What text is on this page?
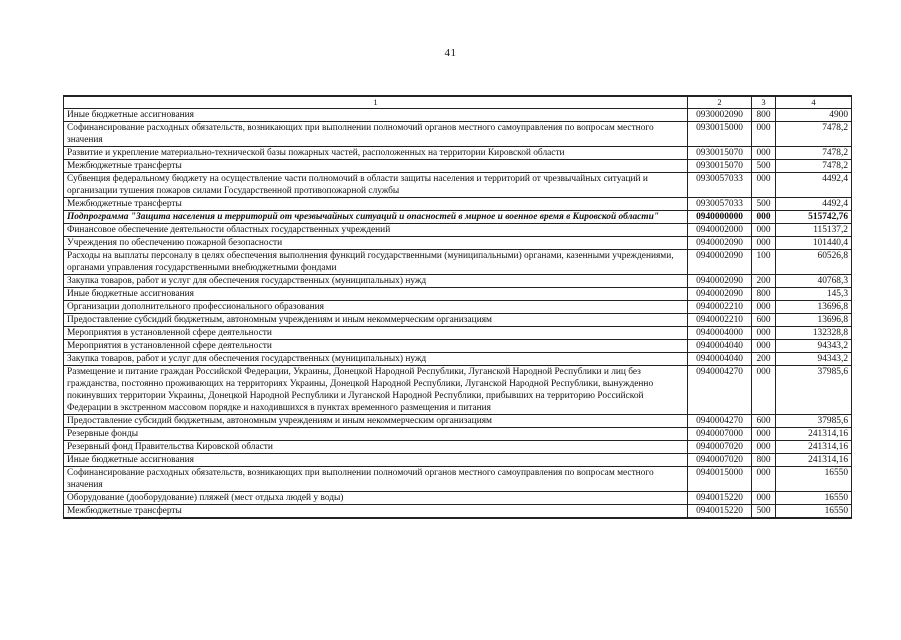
41
1	2	3	4
Иные бюджетные ассигнования	0930002090	800	4900
Софинансирование расходных обязательств, возникающих при выполнении полномочий органов местного самоуправления по вопросам местного значения	0930015000	000	7478,2
Развитие и укрепление материально-технической базы пожарных частей, расположенных на территории Кировской области	0930015070	000	7478,2
Межбюджетные трансферты	0930015070	500	7478,2
Субвенция федеральному бюджету на осуществление части полномочий в области защиты населения и территорий от чрезвычайных ситуаций и организации тушения пожаров силами Государственной противопожарной службы	0930057033	000	4492,4
Межбюджетные трансферты	0930057033	500	4492,4
Подпрограмма "Защита населения и территорий от чрезвычайных ситуаций и опасностей в мирное и военное время в Кировской области"	0940000000	000	515742,76
Финансовое обеспечение деятельности областных государственных учреждений	0940002000	000	115137,2
Учреждения по обеспечению пожарной безопасности	0940002090	000	101440,4
Расходы на выплаты персоналу в целях обеспечения выполнения функций государственными (муниципальными) органами, казенными учреждениями, органами управления государственными внебюджетными фондами	0940002090	100	60526,8
Закупка товаров, работ и услуг для обеспечения государственных (муниципальных) нужд	0940002090	200	40768,3
Иные бюджетные ассигнования	0940002090	800	145,3
Организации дополнительного профессионального образования	0940002210	000	13696,8
Предоставление субсидий бюджетным, автономным учреждениям и иным некоммерческим организациям	0940002210	600	13696,8
Мероприятия в установленной сфере деятельности	0940004000	000	132328,8
Мероприятия в установленной сфере деятельности	0940004040	000	94343,2
Закупка товаров, работ и услуг для обеспечения государственных (муниципальных) нужд	0940004040	200	94343,2
Размещение и питание граждан Российской Федерации, Украины, Донецкой Народной Республики, Луганской Народной Республики и лиц без гражданства, постоянно проживающих на территориях Украины, Донецкой Народной Республики, Луганской Народной Республики, вынужденно покинувших территории Украины, Донецкой Народной Республики и Луганской Народной Республики, прибывших на территорию Российской Федерации в экстренном массовом порядке и находившихся в пунктах временного размещения и питания	0940004270	000	37985,6
Предоставление субсидий бюджетным, автономным учреждениям и иным некоммерческим организациям	0940004270	600	37985,6
Резервные фонды	0940007000	000	241314,16
Резервный фонд Правительства Кировской области	0940007020	000	241314,16
Иные бюджетные ассигнования	0940007020	800	241314,16
Софинансирование расходных обязательств, возникающих при выполнении полномочий органов местного самоуправления по вопросам местного значения	0940015000	000	16550
Оборудование (дооборудование) пляжей (мест отдыха людей у воды)	0940015220	000	16550
Межбюджетные трансферты	0940015220	500	16550
